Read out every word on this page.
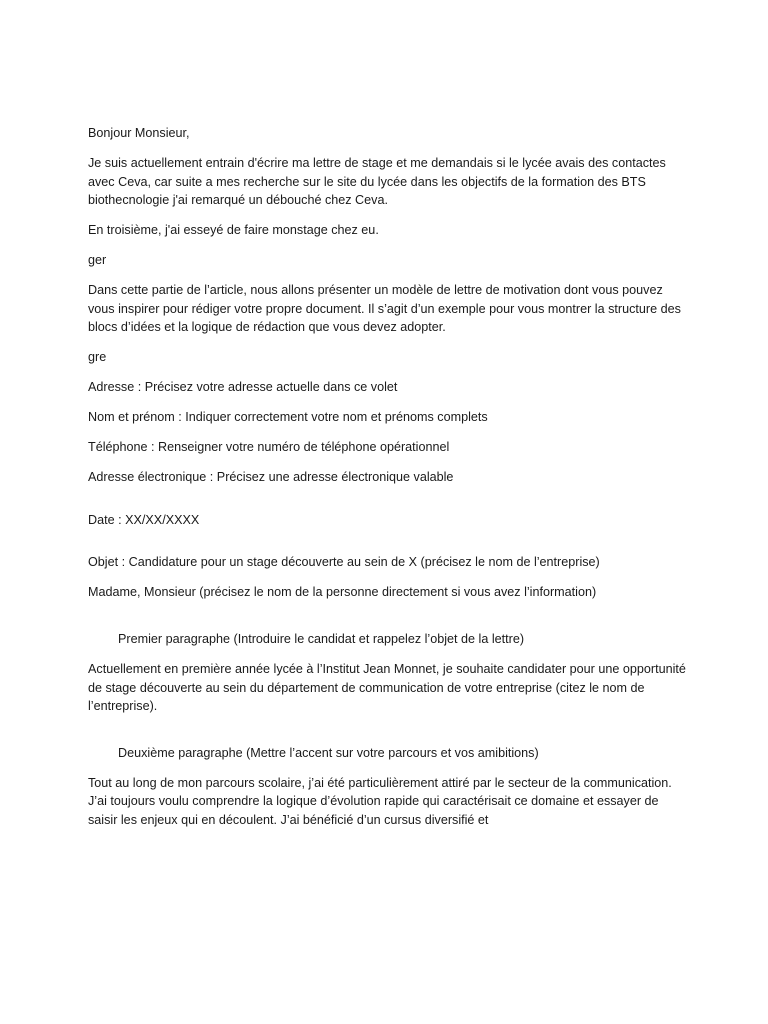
Bonjour Monsieur,

Je suis actuellement entrain d'écrire ma lettre de stage et me demandais si le lycée avais des contactes avec Ceva, car suite a mes recherche sur le site du lycée dans les objectifs de la formation des BTS biothecnologie j'ai remarqué un débouché chez Ceva.

En troisième, j'ai esseyé de faire monstage chez eu.

ger

Dans cette partie de l’article, nous allons présenter un modèle de lettre de motivation dont vous pouvez vous inspirer pour rédiger votre propre document. Il s’agit d’un exemple pour vous montrer la structure des blocs d’idées et la logique de rédaction que vous devez adopter.

gre

Adresse : Précisez votre adresse actuelle dans ce volet

Nom et prénom : Indiquer correctement votre nom et prénoms complets

Téléphone : Renseigner votre numéro de téléphone opérationnel

Adresse électronique : Précisez une adresse électronique valable

Date : XX/XX/XXXX

Objet : Candidature pour un stage découverte au sein de X (précisez le nom de l’entreprise)

Madame, Monsieur (précisez le nom de la personne directement si vous avez l’information)

Premier paragraphe (Introduire le candidat et rappelez l’objet de la lettre)

Actuellement en première année lycée à l’Institut Jean Monnet, je souhaite candidater pour une opportunité de stage découverte au sein du département de communication de votre entreprise (citez le nom de l’entreprise).

Deuxième paragraphe (Mettre l’accent sur votre parcours et vos amibitions)

Tout au long de mon parcours scolaire, j’ai été particulièrement attiré par le secteur de la communication. J’ai toujours voulu comprendre la logique d’évolution rapide qui caractérisait ce domaine et essayer de saisir les enjeux qui en découlent. J’ai bénéficié d’un cursus diversifié et
